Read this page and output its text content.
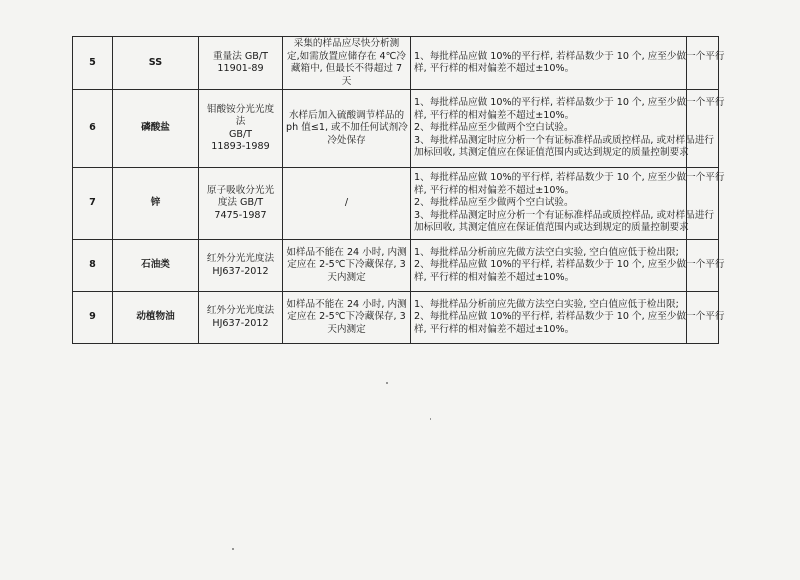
5	SS	重量法 GB/T
11901-89	采集的样品应尽快分析测
定,如需放置应储存在 4℃冷
藏箱中, 但最长不得超过 7
天	1、每批样品应做 10%的平行样, 若样品数少于 10 个, 应至少做一个平行
样, 平行样的相对偏差不超过±10%。	

6	磷酸盐	钼酸铵分光光度
法
GB/T
11893-1989	水样后加入硫酸调节样品的
ph 值≤1, 或不加任何试剂冷
冷处保存	1、每批样品应做 10%的平行样, 若样品数少于 10 个, 应至少做一个平行
样, 平行样的相对偏差不超过±10%。
2、每批样品应至少做两个空白试验。
3、每批样品测定时应分析一个有证标准样品或质控样品, 或对样品进行
加标回收, 其测定值应在保证值范围内或达到规定的质量控制要求	

7	锌	原子吸收分光光
度法 GB/T
7475-1987	/	1、每批样品应做 10%的平行样, 若样品数少于 10 个, 应至少做一个平行
样, 平行样的相对偏差不超过±10%。
2、每批样品应至少做两个空白试验。
3、每批样品测定时应分析一个有证标准样品或质控样品, 或对样品进行
加标回收, 其测定值应在保证值范围内或达到规定的质量控制要求	

8	石油类	红外分光光度法
HJ637-2012	如样品不能在 24 小时, 内测
定应在 2-5℃下冷藏保存, 3
天内测定	1、每批样品分析前应先做方法空白实验, 空白值应低于检出限;
2、每批样品应做 10%的平行样, 若样品数少于 10 个, 应至少做一个平行
样, 平行样的相对偏差不超过±10%。	

9	动植物油	红外分光光度法
HJ637-2012	如样品不能在 24 小时, 内测
定应在 2-5℃下冷藏保存, 3
天内测定	1、每批样品分析前应先做方法空白实验, 空白值应低于检出限;
2、每批样品应做 10%的平行样, 若样品数少于 10 个, 应至少做一个平行
样, 平行样的相对偏差不超过±10%。	
